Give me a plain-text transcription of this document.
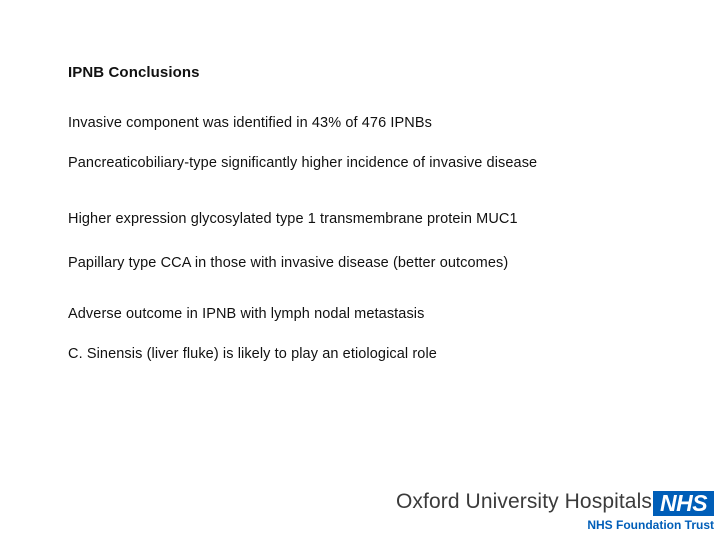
IPNB Conclusions
Invasive component was identified in 43% of 476 IPNBs
Pancreaticobiliary-type significantly higher incidence of invasive disease
Higher expression glycosylated type 1 transmembrane protein MUC1
Papillary type CCA in those with invasive disease (better outcomes)
Adverse outcome in IPNB with lymph nodal metastasis
C. Sinensis (liver fluke) is likely to play an etiological role
Oxford University Hospitals NHS
NHS Foundation Trust
